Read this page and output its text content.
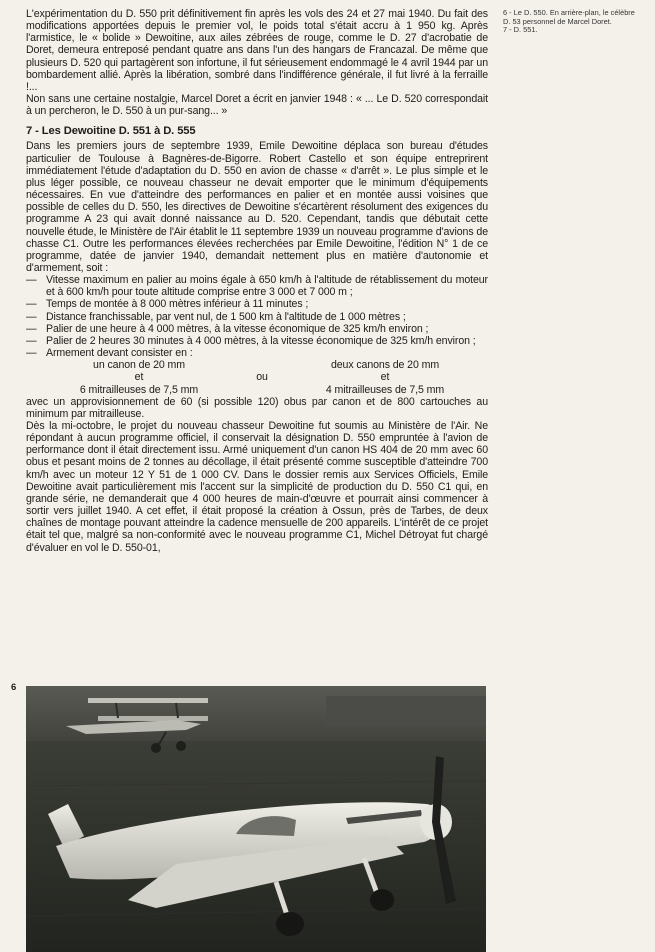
L'expérimentation du D. 550 prit définitivement fin après les vols des 24 et 27 mai 1940. Du fait des modifications apportées depuis le premier vol, le poids total s'était accru à 1 950 kg. Après l'armistice, le « bolide » Dewoitine, aux ailes zébrées de rouge, comme le D. 27 d'acrobatie de Doret, demeura entreposé pendant quatre ans dans l'un des hangars de Francazal. De même que plusieurs D. 520 qui partagèrent son infortune, il fut sérieusement endommagé le 4 avril 1944 par un bombardement allié. Après la libération, sombré dans l'indifférence générale, il fut livré à la ferraille !...

Non sans une certaine nostalgie, Marcel Doret a écrit en janvier 1948 : « ... Le D. 520 correspondait à un percheron, le D. 550 à un pur-sang... »

7 - Les Dewoitine D. 551 à D. 555

Dans les premiers jours de septembre 1939, Emile Dewoitine déplaca son bureau d'études particulier de Toulouse à Bagnères-de-Bigorre. Robert Castello et son équipe entreprirent immédiatement l'étude d'adaptation du D. 550 en avion de chasse « d'arrêt ». Le plus simple et le plus léger possible, ce nouveau chasseur ne devait emporter que le minimum d'équipements nécessaires. En vue d'atteindre des performances en palier et en montée aussi voisines que possible de celles du D. 550, les directives de Dewoitine s'écartèrent résolument des exigences du programme A 23 qui avait donné naissance au D. 520. Cependant, tandis que débutait cette nouvelle étude, le Ministère de l'Air établit le 11 septembre 1939 un nouveau programme d'avions de chasse C1. Outre les performances élevées recherchées par Emile Dewoitine, l'édition N° 1 de ce programme, datée de janvier 1940, demandait nettement plus en matière d'autonomie et d'armement, soit :

— Vitesse maximum en palier au moins égale à 650 km/h à l'altitude de rétablissement du moteur et à 600 km/h pour toute altitude comprise entre 3 000 et 7 000 m ;
— Temps de montée à 8 000 mètres inférieur à 11 minutes ;
— Distance franchissable, par vent nul, de 1 500 km à l'altitude de 1 000 mètres ;
— Palier de une heure à 4 000 mètres, à la vitesse économique de 325 km/h environ ;
— Palier de 2 heures 30 minutes à 4 000 mètres, à la vitesse économique de 325 km/h environ ;
— Armement devant consister en :
un canon de 20 mm
et
6 mitrailleuses de 7,5 mm
ou
deux canons de 20 mm
et
4 mitrailleuses de 7,5 mm

avec un approvisionnement de 60 (si possible 120) obus par canon et de 800 cartouches au minimum par mitrailleuse.

Dès la mi-octobre, le projet du nouveau chasseur Dewoitine fut soumis au Ministère de l'Air. Ne répondant à aucun programme officiel, il conservait la désignation D. 550 empruntée à l'avion de performance dont il était directement issu. Armé uniquement d'un canon HS 404 de 20 mm avec 60 obus et pesant moins de 2 tonnes au décollage, il était présenté comme susceptible d'atteindre 700 km/h avec un moteur 12 Y 51 de 1 000 CV. Dans le dossier remis aux Services Officiels, Emile Dewoitine avait particulièrement mis l'accent sur la simplicité de production du D. 550 C1 qui, en grande série, ne demanderait que 4 000 heures de main-d'œuvre et pourrait ainsi commencer à sortir vers juillet 1940. A cet effet, il était proposé la création à Ossun, près de Tarbes, de deux chaînes de montage pouvant atteindre la cadence mensuelle de 200 appareils. L'intérêt de ce projet était tel que, malgré sa non-conformité avec le nouveau programme C1, Michel Détroyat fut chargé d'évaluer en vol le D. 550-01,

6 - Le D. 550. En arrière-plan, le célèbre D. 53 personnel de Marcel Doret.
7 - D. 551.
6
